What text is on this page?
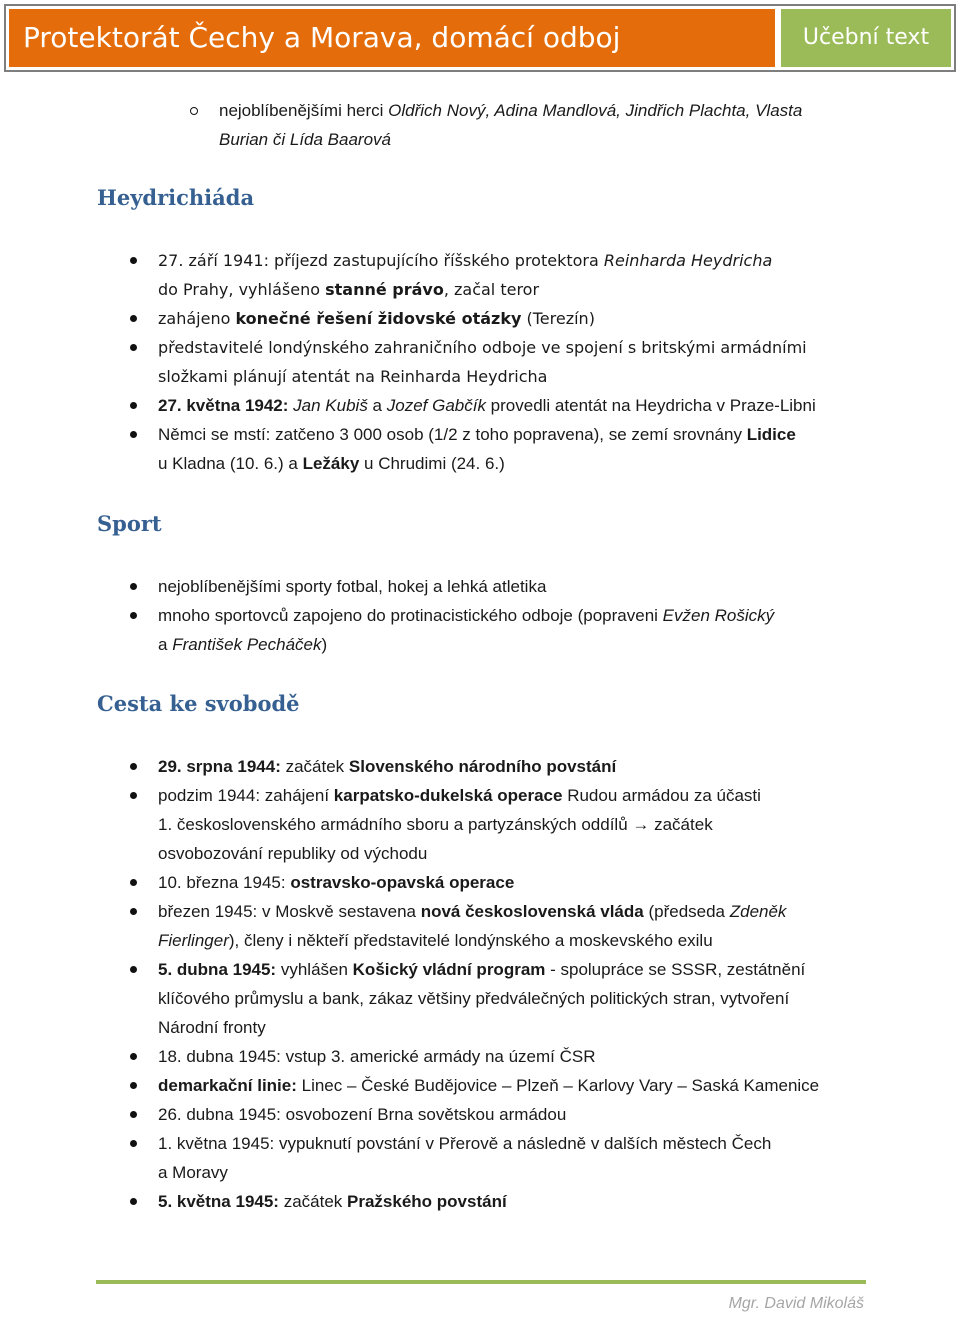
Protektorát Čechy a Morava, domácí odboj	Učební text
nejoblíbenějšími herci Oldřich Nový, Adina Mandlová, Jindřich Plachta, Vlasta
Burian či Lída Baarová
Heydrichiáda
27. září 1941: příjezd zastupujícího říšského protektora Reinharda Heydricha
do Prahy, vyhlášeno stanné právo, začal teror
zahájeno konečné řešení židovské otázky (Terezín)
představitelé londýnského zahraničního odboje ve spojení s britskými armádními
složkami plánují atentát na Reinharda Heydricha
27. května 1942: Jan Kubiš a Jozef Gabčík provedli atentát na Heydricha v Praze-Libni
Němci se mstí: zatčeno 3 000 osob (1/2 z toho popravena), se zemí srovnány Lidice
u Kladna (10. 6.) a Ležáky u Chrudimi (24. 6.)
Sport
nejoblíbenějšími sporty fotbal, hokej a lehká atletika
mnoho sportovců zapojeno do protinacistického odboje (popraveni Evžen Rošický
a František Pecháček)
Cesta ke svobodě
29. srpna 1944: začátek Slovenského národního povstání
podzim 1944: zahájení karpatsko-dukelská operace Rudou armádou za účasti
1. československého armádního sboru a partyzánských oddílů → začátek
osvobozování republiky od východu
10. března 1945: ostravsko-opavská operace
březen 1945: v Moskvě sestavena nová československá vláda (předseda Zdeněk
Fierlinger), členy i někteří představitelé londýnského a moskevského exilu
5. dubna 1945: vyhlášen Košický vládní program - spolupráce se SSSR, zestátnění
klíčového průmyslu a bank, zákaz většiny předválečných politických stran, vytvoření
Národní fronty
18. dubna 1945: vstup 3. americké armády na území ČSR
demarkační linie: Linec – České Budějovice – Plzeň – Karlovy Vary – Saská Kamenice
26. dubna 1945: osvobození Brna sovětskou armádou
1. května 1945: vypuknutí povstání v Přerově a následně v dalších městech Čech
a Moravy
5. května 1945: začátek Pražského povstání
Mgr. David Mikoláš
